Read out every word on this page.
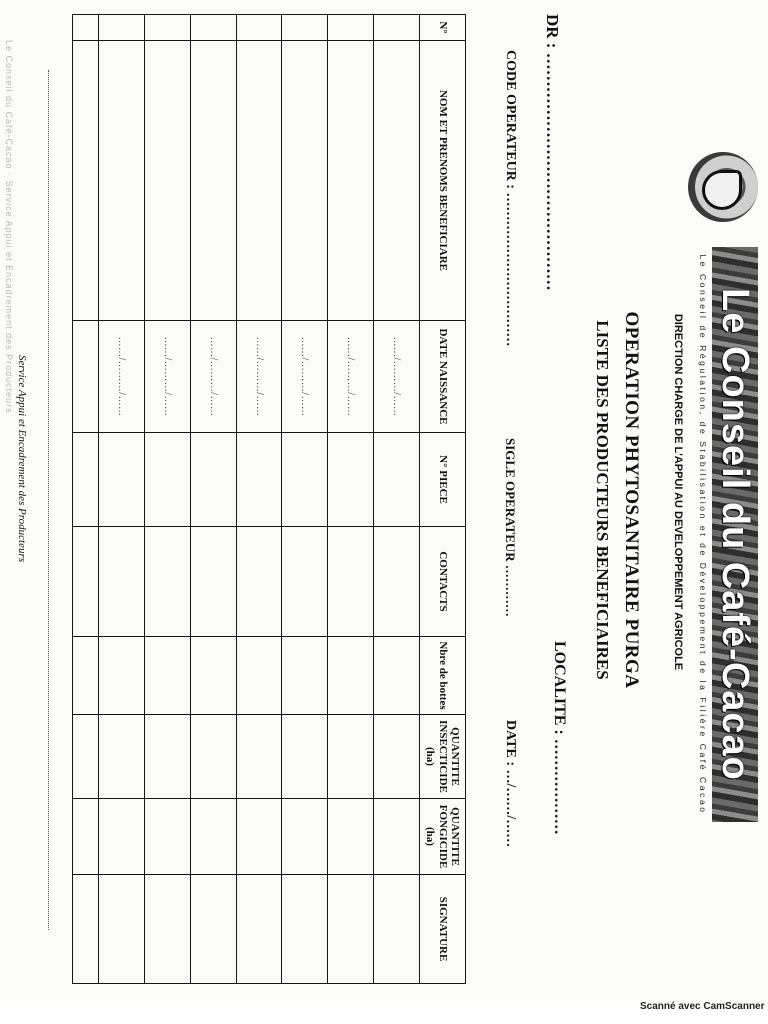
Le Conseil du Café-Cacao
Le Conseil de Régulation, de Stabilisation et de Développement de la Filière Café Cacao
DIRECTION CHARGE DE L'APPUI AU DEVELOPPEMENT AGRICOLE
OPERATION PHYTOSANITAIRE PURGA
LISTE DES PRODUCTEURS BENEFICIAIRES
DR : ……………………………………
LOCALITE : ………………
CODE OPERATEUR : ……………………………
SIGLE OPERATEUR …………
DATE : …/……/……
N°	NOM ET PRENOMS BENEFICIARE	DATE NAISSANCE	N° PIECE	CONTACTS	Nbre de bottes	QUANTITE INSECTICIDE (ha)	QUANTITE FONGICIDE (ha)	SIGNATURE
		……/………/……						
		……/………/……						
		……/………/……						
		……/………/……						
		……/………/……						
		……/………/……						
		……/………/……						

Le Conseil du Café-Cacao · Service Appui et Encadrement des Producteurs
Service Appui et Encadrement des Producteurs
Scanné avec CamScanner
